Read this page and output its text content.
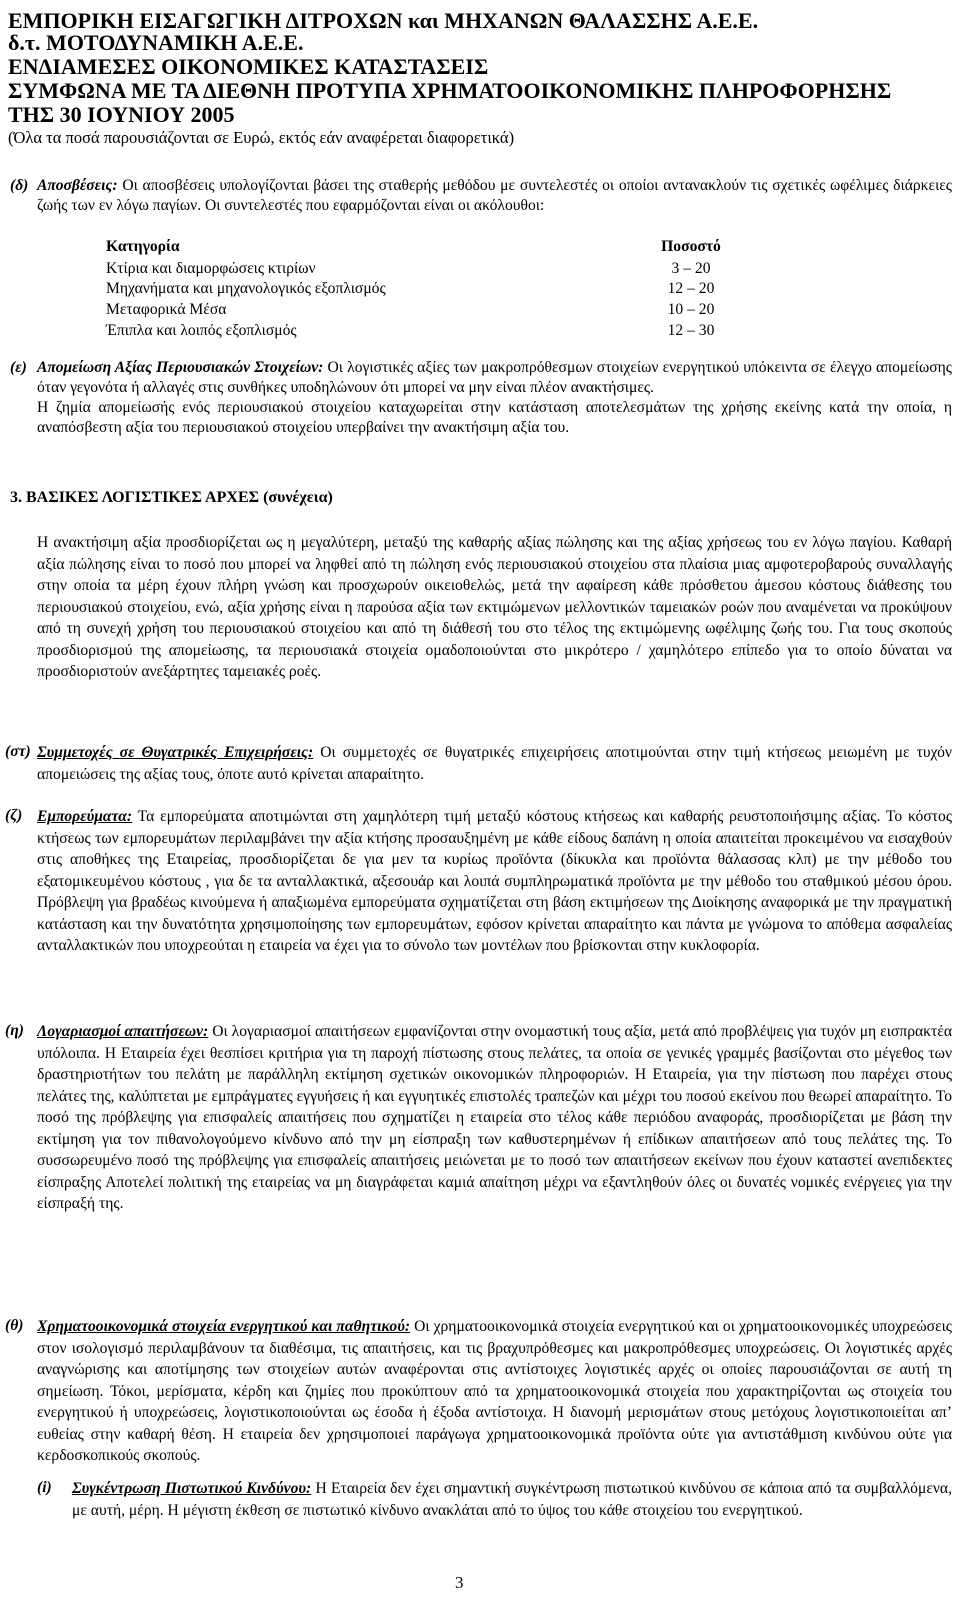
ΕΜΠΟΡΙΚΗ ΕΙΣΑΓΩΓΙΚΗ ΔΙΤΡΟΧΩΝ και ΜΗΧΑΝΩΝ ΘΑΛΑΣΣΗΣ Α.Ε.Ε.

δ.τ. ΜΟΤΟΔΥΝΑΜΙΚΗ Α.Ε.Ε.

ΕΝΔΙΑΜΕΣΕΣ ΟΙΚΟΝΟΜΙΚΕΣ ΚΑΤΑΣΤΑΣΕΙΣ

ΣΥΜΦΩΝΑ ΜΕ ΤΑ ΔΙΕΘΝΗ ΠΡΟΤΥΠΑ ΧΡΗΜΑΤΟΟΙΚΟΝΟΜΙΚΗΣ ΠΛΗΡΟΦΟΡΗΣΗΣ

ΤΗΣ 30 ΙΟΥΝΙΟΥ 2005

(Όλα τα ποσά παρουσιάζονται σε Ευρώ, εκτός εάν αναφέρεται διαφορετικά)

(δ) Αποσβέσεις: Οι αποσβέσεις υπολογίζονται βάσει της σταθερής μεθόδου με συντελεστές οι οποίοι αντανακλούν τις σχετικές ωφέλιμες διάρκειες ζωής των εν λόγω παγίων. Οι συντελεστές που εφαρμόζονται είναι οι ακόλουθοι:

Κατηγορία	Ποσοστό
Κτίρια και διαμορφώσεις κτιρίων	3 – 20
Μηχανήματα και μηχανολογικός εξοπλισμός	12 – 20
Μεταφορικά Μέσα	10 – 20
Έπιπλα και λοιπός εξοπλισμός	12 – 30
(ε) Απομείωση Αξίας Περιουσιακών Στοιχείων: Οι λογιστικές αξίες των μακροπρόθεσμων στοιχείων ενεργητικού υπόκειντα σε έλεγχο απομείωσης όταν γεγονότα ή αλλαγές στις συνθήκες υποδηλώνουν ότι μπορεί να μην είναι πλέον ανακτήσιμες.
Η ζημία απομείωσής ενός περιουσιακού στοιχείου καταχωρείται στην κατάσταση αποτελεσμάτων της χρήσης εκείνης κατά την οποία, η αναπόσβεστη αξία του περιουσιακού στοιχείου υπερβαίνει την ανακτήσιμη αξία του.

3. ΒΑΣΙΚΕΣ ΛΟΓΙΣΤΙΚΕΣ ΑΡΧΕΣ (συνέχεια)

Η ανακτήσιμη αξία προσδιορίζεται ως η μεγαλύτερη, μεταξύ της καθαρής αξίας πώλησης και της αξίας χρήσεως του εν λόγω παγίου. Καθαρή αξία πώλησης είναι το ποσό που μπορεί να ληφθεί από τη πώληση ενός περιουσιακού στοιχείου στα πλαίσια μιας αμφοτεροβαρούς συναλλαγής στην οποία τα μέρη έχουν πλήρη γνώση και προσχωρούν οικειοθελώς, μετά την αφαίρεση κάθε πρόσθετου άμεσου κόστους διάθεσης του περιουσιακού στοιχείου, ενώ, αξία χρήσης είναι η παρούσα αξία των εκτιμώμενων μελλοντικών ταμειακών ροών που αναμένεται να προκύψουν από τη συνεχή χρήση του περιουσιακού στοιχείου και από τη διάθεσή του στο τέλος της εκτιμώμενης ωφέλιμης ζωής του. Για τους σκοπούς προσδιορισμού της απομείωσης, τα περιουσιακά στοιχεία ομαδοποιούνται στο μικρότερο / χαμηλότερο επίπεδο για το οποίο δύναται να προσδιοριστούν ανεξάρτητες ταμειακές ροές.

(στ) Συμμετοχές σε Θυγατρικές Επιχειρήσεις: Οι συμμετοχές σε θυγατρικές επιχειρήσεις αποτιμούνται στην τιμή κτήσεως μειωμένη με τυχόν απομειώσεις της αξίας τους, όποτε αυτό κρίνεται απαραίτητο.

(ζ) Εμπορεύματα: Τα εμπορεύματα αποτιμώνται στη χαμηλότερη τιμή μεταξύ κόστους κτήσεως και καθαρής ρευστοποιήσιμης αξίας. Το κόστος κτήσεως των εμπορευμάτων περιλαμβάνει την αξία κτήσης προσαυξημένη με κάθε είδους δαπάνη η οποία απαιτείται προκειμένου να εισαχθούν στις αποθήκες της Εταιρείας, προσδιορίζεται δε για μεν τα κυρίως προϊόντα (δίκυκλα και προϊόντα θάλασσας κλπ) με την μέθοδο του εξατομικευμένου κόστους , για δε τα ανταλλακτικά, αξεσουάρ και λοιπά συμπληρωματικά προϊόντα με την μέθοδο του σταθμικού μέσου όρου. Πρόβλεψη για βραδέως κινούμενα ή απαξιωμένα εμπορεύματα σχηματίζεται στη βάση εκτιμήσεων της Διοίκησης αναφορικά με την πραγματική κατάσταση και την δυνατότητα χρησιμοποίησης των εμπορευμάτων, εφόσον κρίνεται απαραίτητο και πάντα με γνώμονα το απόθεμα ασφαλείας ανταλλακτικών που υποχρεούται η εταιρεία να έχει για το σύνολο των μοντέλων που βρίσκονται στην κυκλοφορία.

(η) Λογαριασμοί απαιτήσεων: Οι λογαριασμοί απαιτήσεων εμφανίζονται στην ονομαστική τους αξία, μετά από προβλέψεις για τυχόν μη εισπρακτέα υπόλοιπα. Η Εταιρεία έχει θεσπίσει κριτήρια για τη παροχή πίστωσης στους πελάτες, τα οποία σε γενικές γραμμές βασίζονται στο μέγεθος των δραστηριοτήτων του πελάτη με παράλληλη εκτίμηση σχετικών οικονομικών πληροφοριών. Η Εταιρεία, για την πίστωση που παρέχει στους πελάτες της, καλύπτεται με εμπράγματες εγγυήσεις ή και εγγυητικές επιστολές τραπεζών και μέχρι του ποσού εκείνου που θεωρεί απαραίτητο. Το ποσό της πρόβλεψης για επισφαλείς απαιτήσεις που σχηματίζει η εταιρεία στο τέλος κάθε περιόδου αναφοράς, προσδιορίζεται με βάση την εκτίμηση για τον πιθανολογούμενο κίνδυνο από την μη είσπραξη των καθυστερημένων ή επίδικων απαιτήσεων από τους πελάτες της. Το συσσωρευμένο ποσό της πρόβλεψης για επισφαλείς απαιτήσεις μειώνεται με το ποσό των απαιτήσεων εκείνων που έχουν καταστεί ανεπιδεκτες είσπραξης Αποτελεί πολιτική της εταιρείας να μη διαγράφεται καμιά απαίτηση μέχρι να εξαντληθούν όλες οι δυνατές νομικές ενέργειες για την είσπραξή της.

(θ) Χρηματοοικονομικά στοιχεία ενεργητικού και παθητικού: Οι χρηματοοικονομικά στοιχεία ενεργητικού και οι χρηματοοικονομικές υποχρεώσεις στον ισολογισμό περιλαμβάνουν τα διαθέσιμα, τις απαιτήσεις, και τις βραχυπρόθεσμες και μακροπρόθεσμες υποχρεώσεις. Οι λογιστικές αρχές αναγνώρισης και αποτίμησης των στοιχείων αυτών αναφέρονται στις αντίστοιχες λογιστικές αρχές οι οποίες παρουσιάζονται σε αυτή τη σημείωση. Τόκοι, μερίσματα, κέρδη και ζημίες που προκύπτουν από τα χρηματοοικονομικά στοιχεία που χαρακτηρίζονται ως στοιχεία του ενεργητικού ή υποχρεώσεις, λογιστικοποιούνται ως έσοδα ή έξοδα αντίστοιχα. Η διανομή μερισμάτων στους μετόχους λογιστικοποιείται απ’ ευθείας στην καθαρή θέση. Η εταιρεία δεν χρησιμοποιεί παράγωγα χρηματοοικονομικά προϊόντα ούτε για αντιστάθμιση κινδύνου ούτε για κερδοσκοπικούς σκοπούς.

(i) Συγκέντρωση Πιστωτικού Κινδύνου: Η Εταιρεία δεν έχει σημαντική συγκέντρωση πιστωτικού κινδύνου σε κάποια από τα συμβαλλόμενα, με αυτή, μέρη. Η μέγιστη έκθεση σε πιστωτικό κίνδυνο ανακλάται από το ύψος του κάθε στοιχείου του ενεργητικού.

3
